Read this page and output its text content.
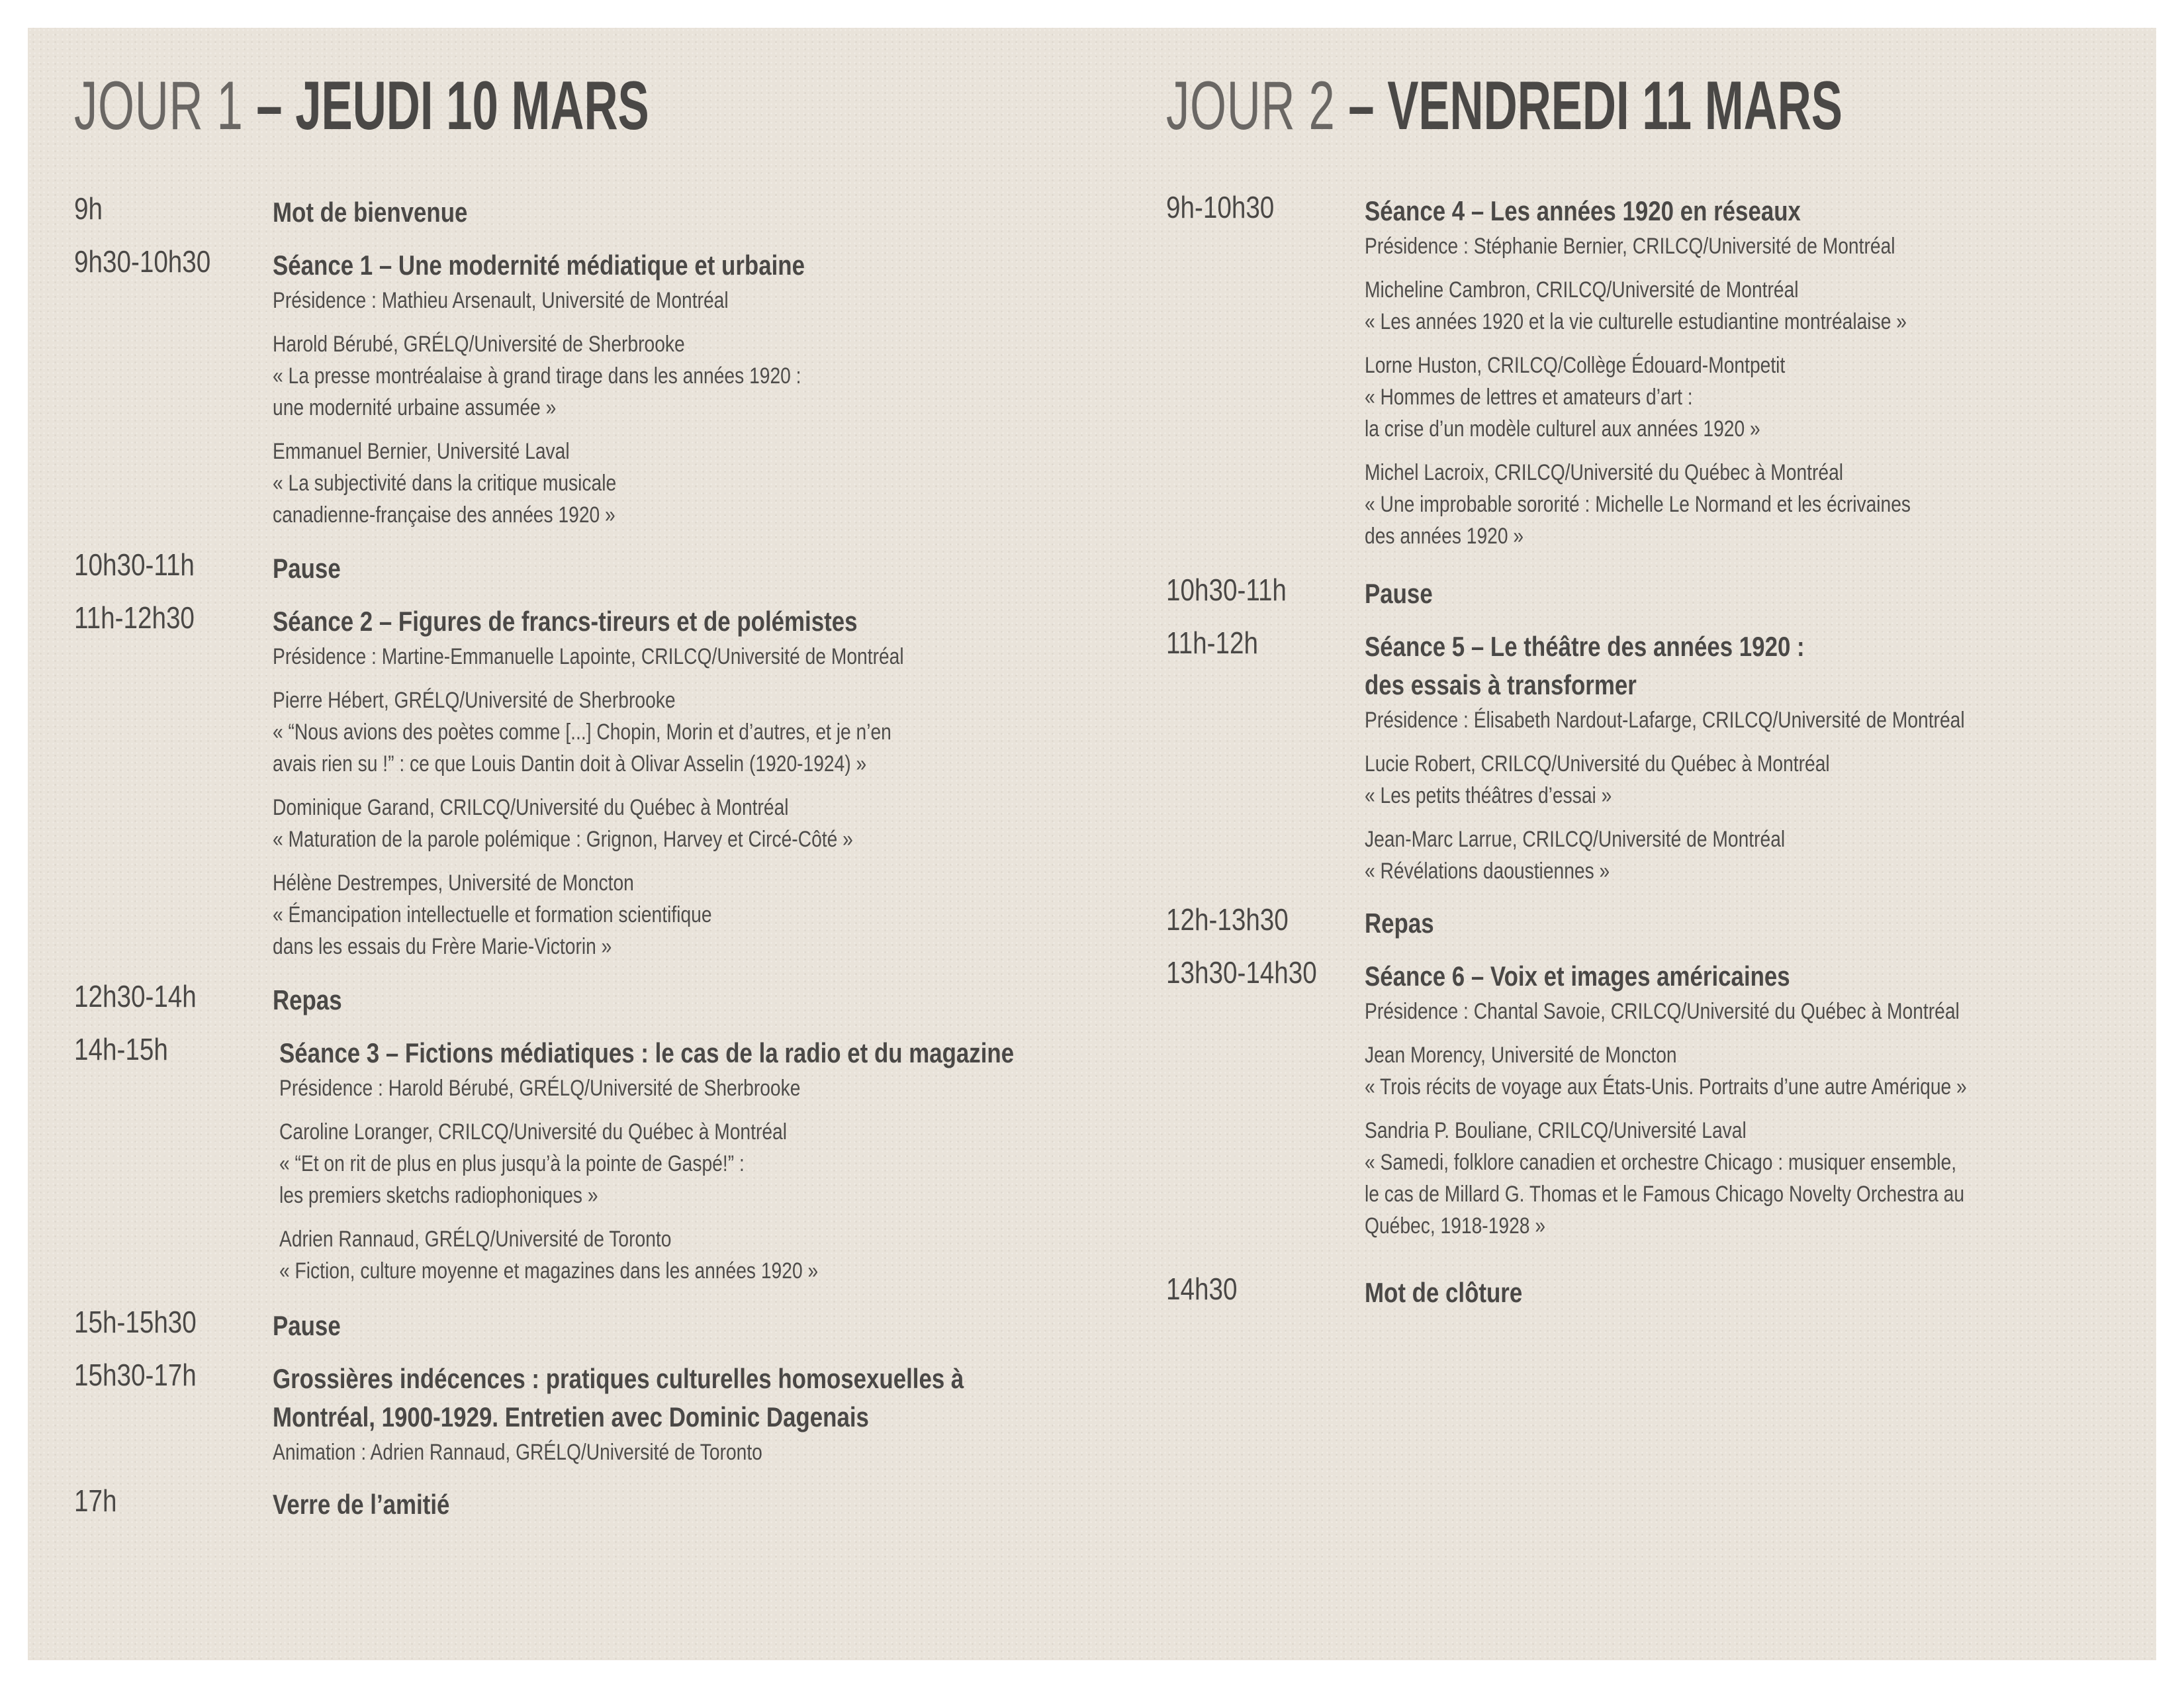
JOUR 1 – JEUDI 10 MARS
9h	Mot de bienvenue
9h30-10h30 Séance 1 – Une modernité médiatique et urbaine
Présidence : Mathieu Arsenault, Université de Montréal
Harold Bérubé, GRÉLQ/Université de Sherbrooke
« La presse montréalaise à grand tirage dans les années 1920 :
une modernité urbaine assumée »
Emmanuel Bernier, Université Laval
« La subjectivité dans la critique musicale
canadienne-française des années 1920 »
10h30-11h	Pause
11h-12h30	Séance 2 – Figures de francs-tireurs et de polémistes
Présidence : Martine-Emmanuelle Lapointe, CRILCQ/Université de Montréal
Pierre Hébert, GRÉLQ/Université de Sherbrooke
« “Nous avions des poètes comme [...] Chopin, Morin et d’autres, et je n’en
avais rien su !” : ce que Louis Dantin doit à Olivar Asselin (1920-1924) »
Dominique Garand, CRILCQ/Université du Québec à Montréal
« Maturation de la parole polémique : Grignon, Harvey et Circé-Côté »
Hélène Destrempes, Université de Moncton
« Émancipation intellectuelle et formation scientifique
dans les essais du Frère Marie-Victorin »
12h30-14h	Repas
14h-15h	Séance 3 – Fictions médiatiques : le cas de la radio et du magazine
Présidence : Harold Bérubé, GRÉLQ/Université de Sherbrooke
Caroline Loranger, CRILCQ/Université du Québec à Montréal
« “Et on rit de plus en plus jusqu’à la pointe de Gaspé!” :
les premiers sketchs radiophoniques »
Adrien Rannaud, GRÉLQ/Université de Toronto
« Fiction, culture moyenne et magazines dans les années 1920 »
15h-15h30	Pause
15h30-17h	Grossières indécences : pratiques culturelles homosexuelles à
Montréal, 1900-1929. Entretien avec Dominic Dagenais
Animation : Adrien Rannaud, GRÉLQ/Université de Toronto
17h	Verre de l’amitié
JOUR 2 – VENDREDI 11 MARS
9h-10h30	Séance 4 – Les années 1920 en réseaux
Présidence : Stéphanie Bernier, CRILCQ/Université de Montréal
Micheline Cambron, CRILCQ/Université de Montréal
« Les années 1920 et la vie culturelle estudiantine montréalaise »
Lorne Huston, CRILCQ/Collège Édouard-Montpetit
« Hommes de lettres et amateurs d’art :
la crise d’un modèle culturel aux années 1920 »
Michel Lacroix, CRILCQ/Université du Québec à Montréal
« Une improbable sororité : Michelle Le Normand et les écrivaines
des années 1920 »
10h30-11h	Pause
11h-12h	Séance 5 – Le théâtre des années 1920 :
des essais à transformer
Présidence : Élisabeth Nardout-Lafarge, CRILCQ/Université de Montréal
Lucie Robert, CRILCQ/Université du Québec à Montréal
« Les petits théâtres d’essai »
Jean-Marc Larrue, CRILCQ/Université de Montréal
« Révélations daoustiennes »
12h-13h30	Repas
13h30-14h30 Séance 6 – Voix et images américaines
Présidence : Chantal Savoie, CRILCQ/Université du Québec à Montréal
Jean Morency, Université de Moncton
« Trois récits de voyage aux États-Unis. Portraits d’une autre Amérique »
Sandria P. Bouliane, CRILCQ/Université Laval
« Samedi, folklore canadien et orchestre Chicago : musiquer ensemble,
le cas de Millard G. Thomas et le Famous Chicago Novelty Orchestra au
Québec, 1918-1928 »
14h30	Mot de clôture
